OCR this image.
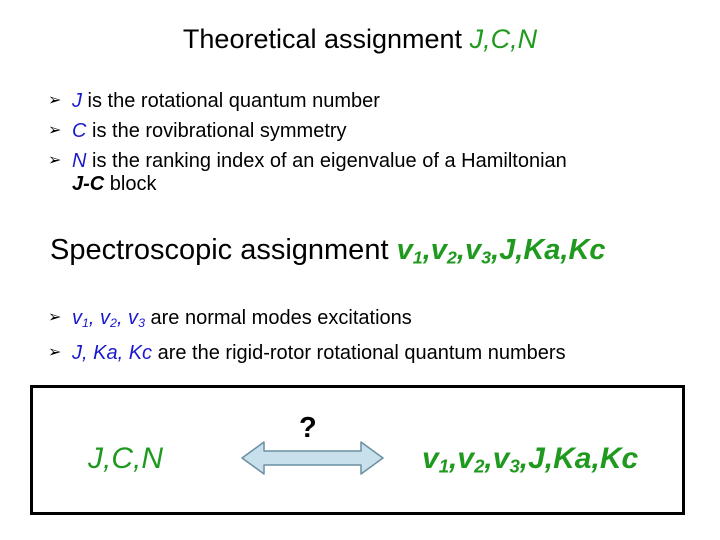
Theoretical assignment J,C,N
➢ J is the rotational quantum number
➢ C is the rovibrational symmetry
➢ N is the ranking index of an eigenvalue of a Hamiltonian
J-C block
Spectroscopic assignment $v_1,v_2,v_3,J,Ka,Kc$
➢ $v_1$, $v_2$, $v_3$ are normal modes excitations
➢ J, Ka, Kc are the rigid-rotor rotational quantum numbers
J,C,N
?
$v_1,v_2,v_3,J,Ka,Kc$
